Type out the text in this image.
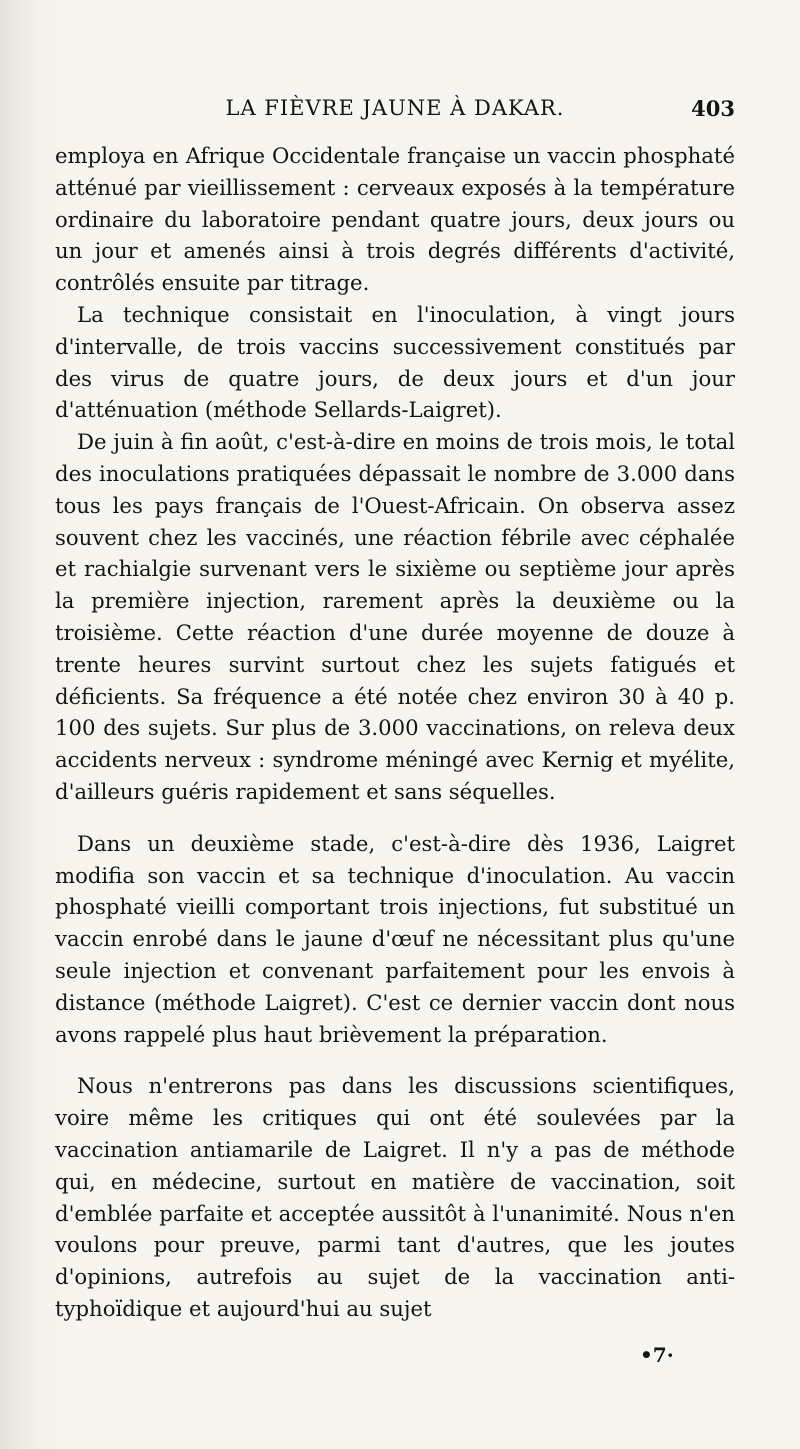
LA FIÈVRE JAUNE À DAKAR.	403

employa en Afrique Occidentale française un vaccin phosphaté atténué par vieillissement : cerveaux exposés à la température ordinaire du laboratoire pendant quatre jours, deux jours ou un jour et amenés ainsi à trois degrés différents d'activité, contrôlés ensuite par titrage.

La technique consistait en l'inoculation, à vingt jours d'intervalle, de trois vaccins successivement constitués par des virus de quatre jours, de deux jours et d'un jour d'atténuation (méthode Sellards-Laigret).

De juin à fin août, c'est-à-dire en moins de trois mois, le total des inoculations pratiquées dépassait le nombre de 3.000 dans tous les pays français de l'Ouest-Africain. On observa assez souvent chez les vaccinés, une réaction fébrile avec céphalée et rachialgie survenant vers le sixième ou septième jour après la première injection, rarement après la deuxième ou la troisième. Cette réaction d'une durée moyenne de douze à trente heures survint surtout chez les sujets fatigués et déficients. Sa fréquence a été notée chez environ 30 à 40 p. 100 des sujets. Sur plus de 3.000 vaccinations, on releva deux accidents nerveux : syndrome méningé avec Kernig et myélite, d'ailleurs guéris rapidement et sans séquelles.

Dans un deuxième stade, c'est-à-dire dès 1936, Laigret modifia son vaccin et sa technique d'inoculation. Au vaccin phosphaté vieilli comportant trois injections, fut substitué un vaccin enrobé dans le jaune d'œuf ne nécessitant plus qu'une seule injection et convenant parfaitement pour les envois à distance (méthode Laigret). C'est ce dernier vaccin dont nous avons rappelé plus haut brièvement la préparation.

Nous n'entrerons pas dans les discussions scientifiques, voire même les critiques qui ont été soulevées par la vaccination antiamarile de Laigret. Il n'y a pas de méthode qui, en médecine, surtout en matière de vaccination, soit d'emblée parfaite et acceptée aussitôt à l'unanimité. Nous n'en voulons pour preuve, parmi tant d'autres, que les joutes d'opinions, autrefois au sujet de la vaccination anti-typhoïdique et aujourd'hui au sujet

•7·
